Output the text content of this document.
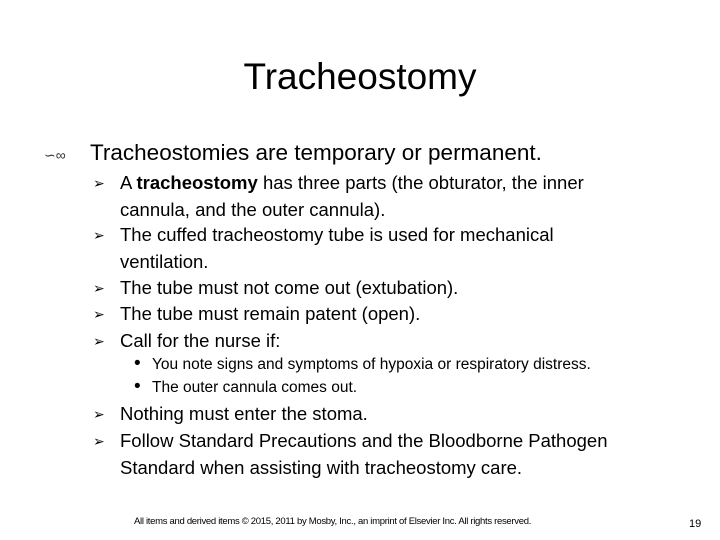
Tracheostomy
∽∞ Tracheostomies are temporary or permanent.
➢ A tracheostomy has three parts (the obturator, the inner
cannula, and the outer cannula).
➢ The cuffed tracheostomy tube is used for mechanical
ventilation.
➢ The tube must not come out (extubation).
➢ The tube must remain patent (open).
➢ Call for the nurse if:
• You note signs and symptoms of hypoxia or respiratory distress.
• The outer cannula comes out.
➢ Nothing must enter the stoma.
➢ Follow Standard Precautions and the Bloodborne Pathogen
Standard when assisting with tracheostomy care.
All items and derived items © 2015, 2011 by Mosby, Inc., an imprint of Elsevier Inc. All rights reserved.	19
